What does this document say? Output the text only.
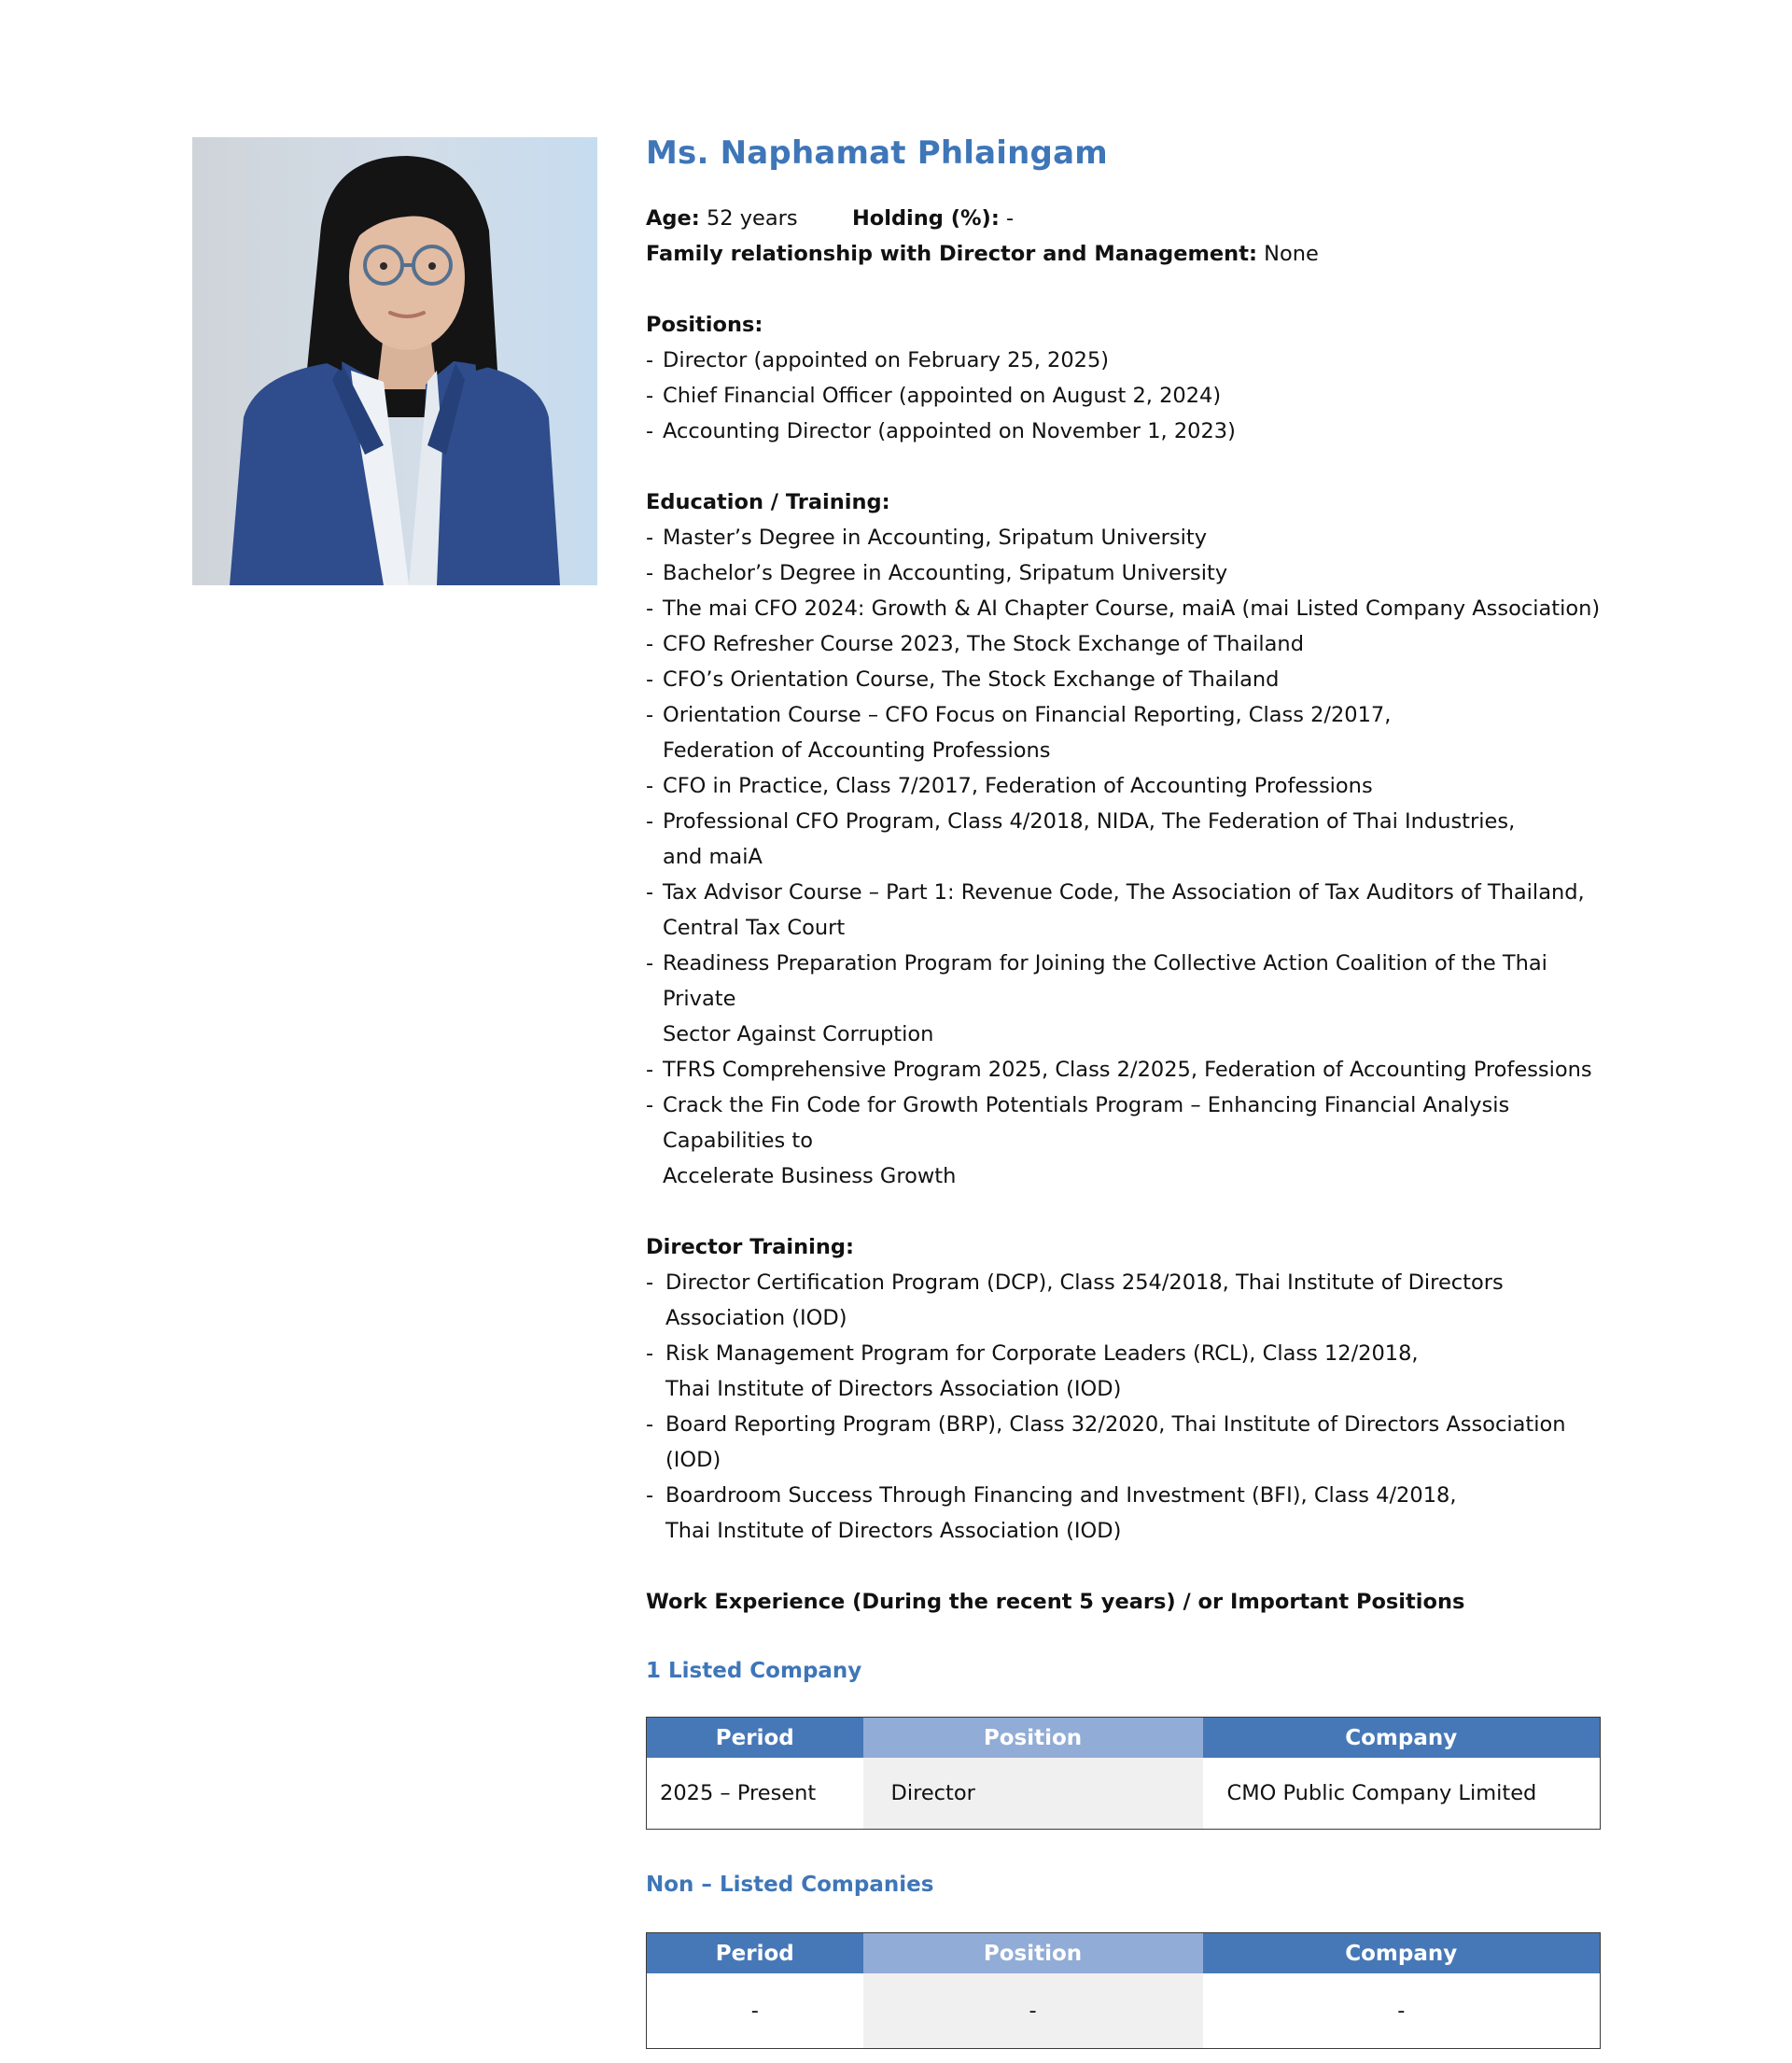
Ms. Naphamat Phlaingam
Age: 52 years	Holding (%): -
Family relationship with Director and Management: None
Positions:
- Director (appointed on February 25, 2025)
- Chief Financial Officer (appointed on August 2, 2024)
- Accounting Director (appointed on November 1, 2023)
Education / Training:
- Master’s Degree in Accounting, Sripatum University
- Bachelor’s Degree in Accounting, Sripatum University
- The mai CFO 2024: Growth & AI Chapter Course, maiA (mai Listed Company Association)
- CFO Refresher Course 2023, The Stock Exchange of Thailand
- CFO’s Orientation Course, The Stock Exchange of Thailand
- Orientation Course – CFO Focus on Financial Reporting, Class 2/2017,
Federation of Accounting Professions
- CFO in Practice, Class 7/2017, Federation of Accounting Professions
- Professional CFO Program, Class 4/2018, NIDA, The Federation of Thai Industries,
and maiA
- Tax Advisor Course – Part 1: Revenue Code, The Association of Tax Auditors of Thailand,
Central Tax Court
- Readiness Preparation Program for Joining the Collective Action Coalition of the Thai Private
Sector Against Corruption
- TFRS Comprehensive Program 2025, Class 2/2025, Federation of Accounting Professions
- Crack the Fin Code for Growth Potentials Program – Enhancing Financial Analysis Capabilities to
Accelerate Business Growth
Director Training:
- Director Certification Program (DCP), Class 254/2018, Thai Institute of Directors Association (IOD)
- Risk Management Program for Corporate Leaders (RCL), Class 12/2018,
Thai Institute of Directors Association (IOD)
- Board Reporting Program (BRP), Class 32/2020, Thai Institute of Directors Association (IOD)
- Boardroom Success Through Financing and Investment (BFI), Class 4/2018,
Thai Institute of Directors Association (IOD)
Work Experience (During the recent 5 years) / or Important Positions
1 Listed Company
Period	Position	Company
2025 – Present	Director	CMO Public Company Limited
Non – Listed Companies
Period	Position	Company
-	-	-
